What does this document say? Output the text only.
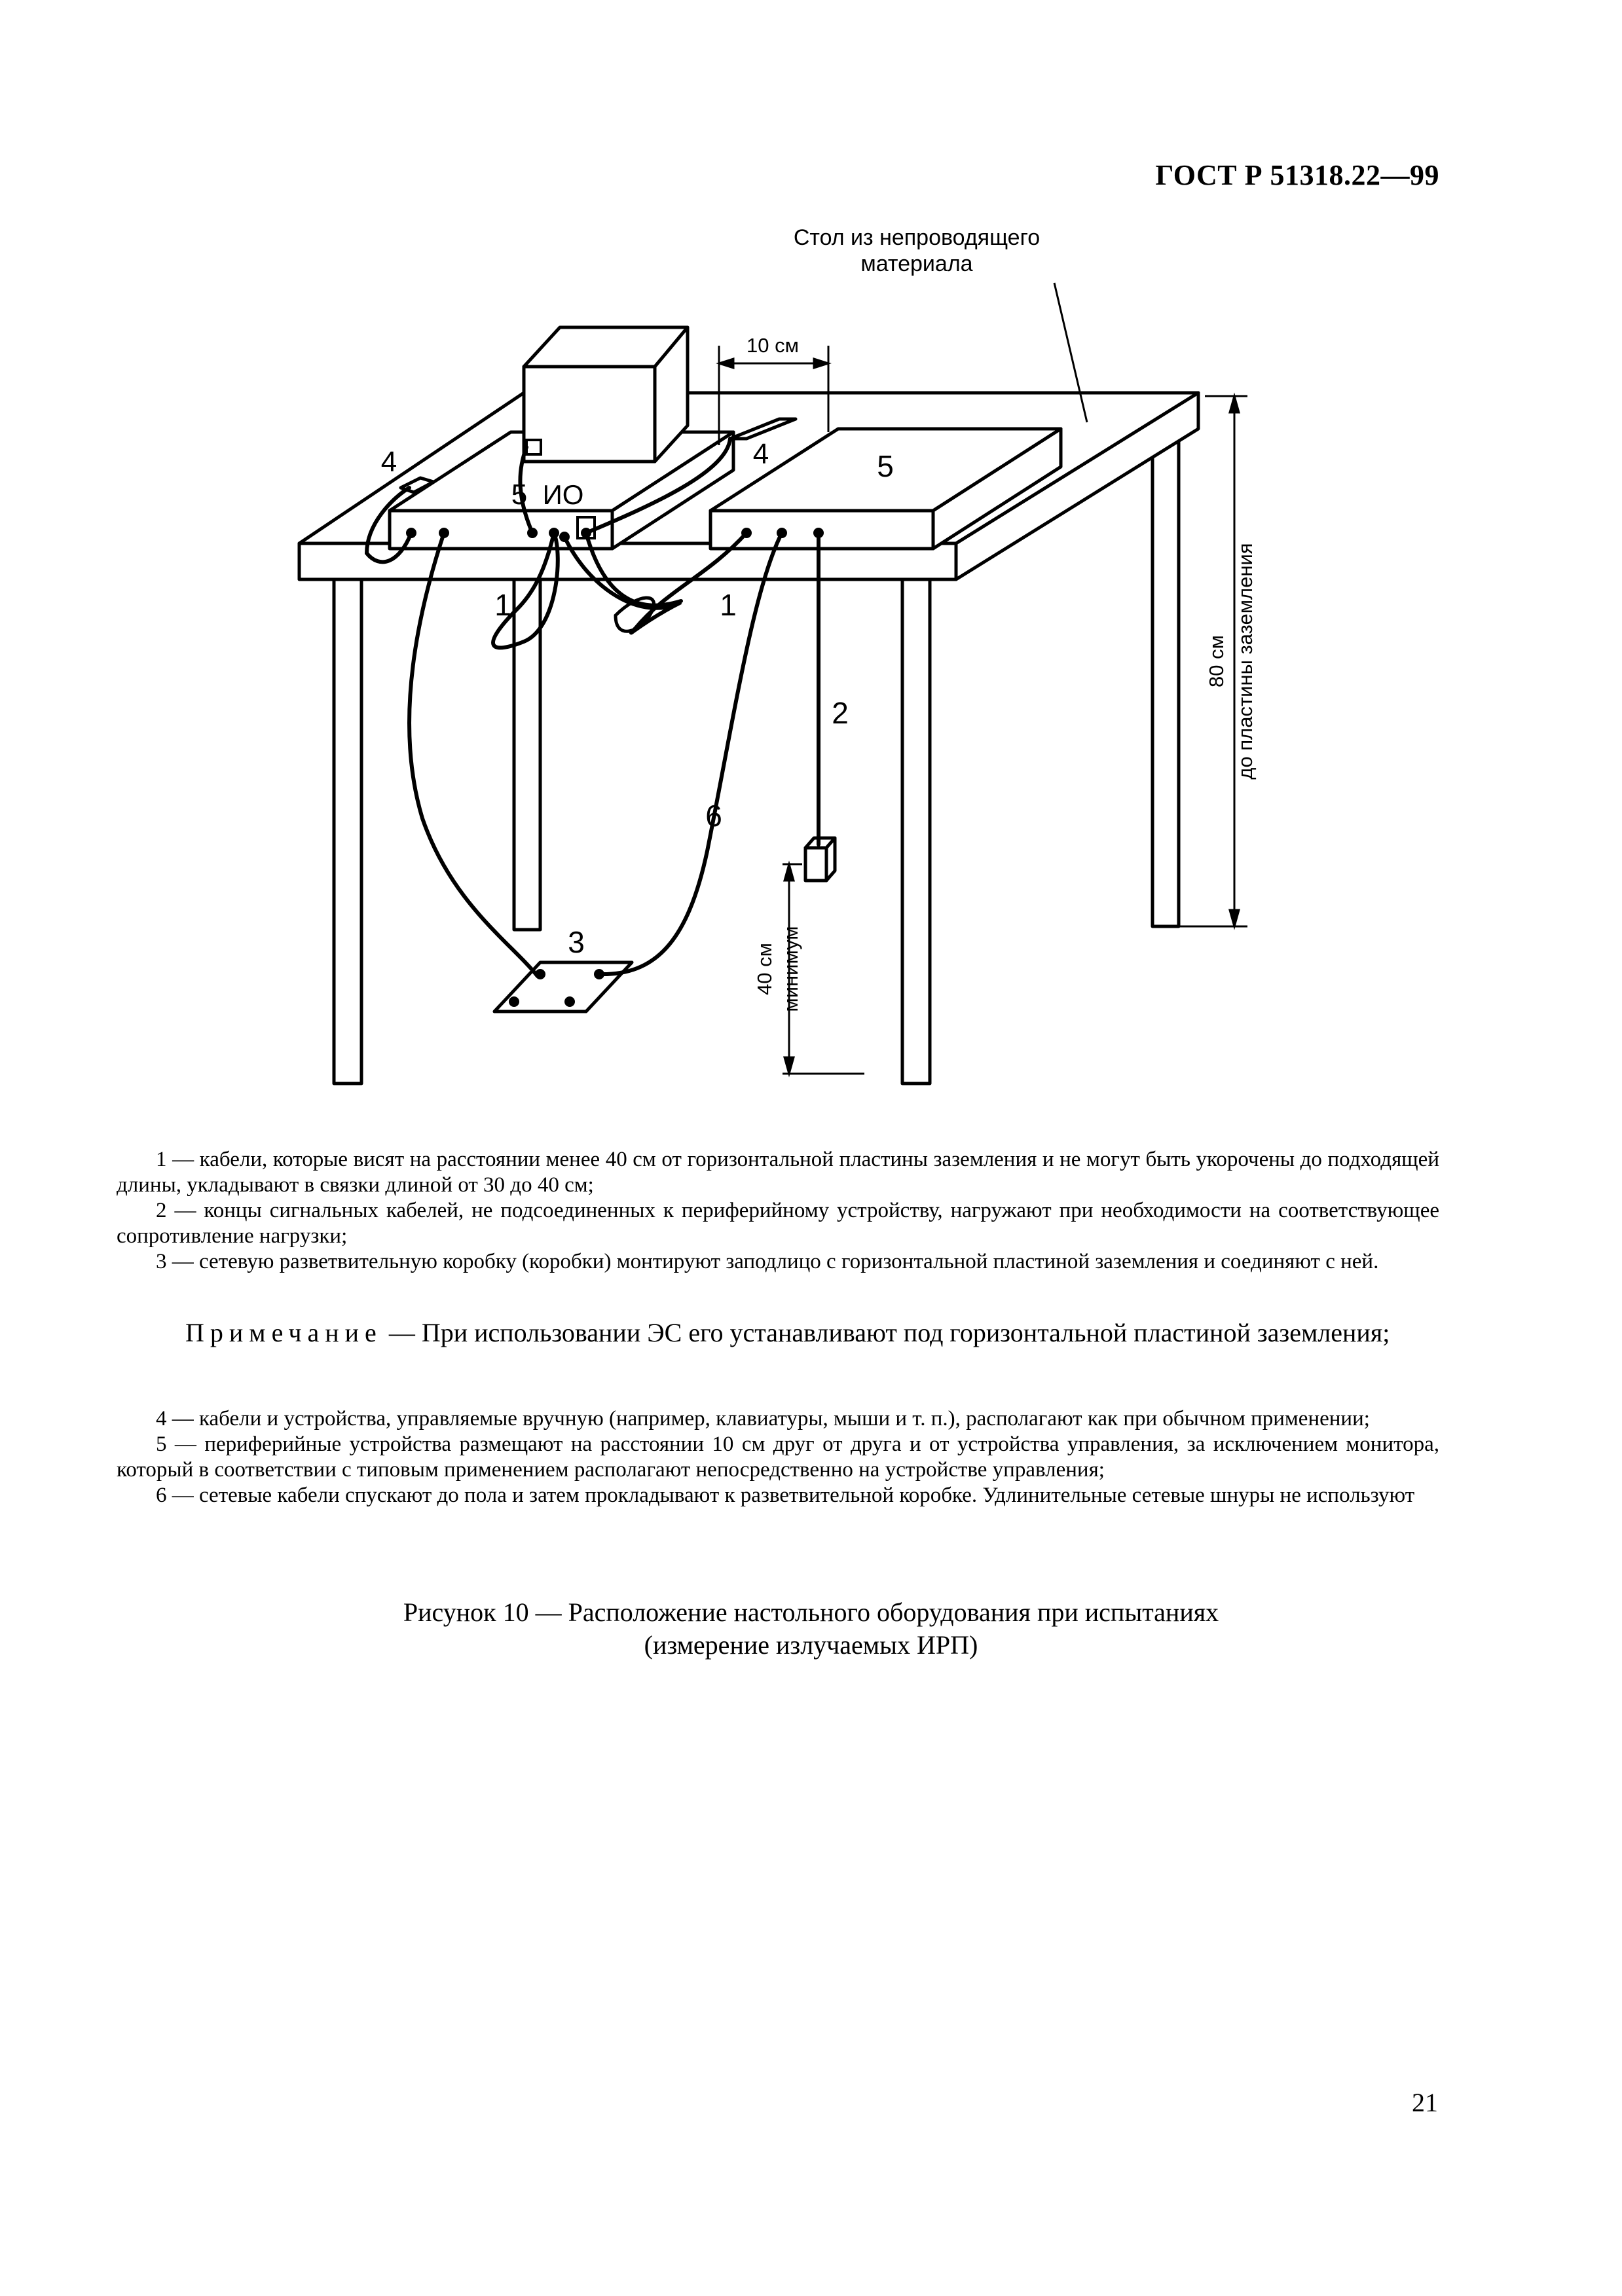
ГОСТ Р 51318.22—99
Стол из непроводящего
материала
10 см
80 см до пластины заземления
40 см минимум
ИО
4
5
4	5
1	1
2
6
3

1 — кабели, которые висят на расстоянии менее 40 см от горизонтальной пластины заземления и не могут быть укорочены до подходящей длины, укладывают в связки длиной от 30 до 40 см;

2 — концы сигнальных кабелей, не подсоединенных к периферийному устройству, нагружают при необходимости на соответствующее сопротивление нагрузки;

3 — сетевую разветвительную коробку (коробки) монтируют заподлицо с горизонтальной пластиной заземления и соединяют с ней.

Примечание — При использовании ЭС его устанавливают под горизонтальной пластиной заземления;

4 — кабели и устройства, управляемые вручную (например, клавиатуры, мыши и т. п.), располагают как при обычном применении;

5 — периферийные устройства размещают на расстоянии 10 см друг от друга и от устройства управления, за исключением монитора, который в соответствии с типовым применением располагают непосредственно на устройстве управления;

6 — сетевые кабели спускают до пола и затем прокладывают к разветвительной коробке. Удлинительные сетевые шнуры не используют

Рисунок 10 — Расположение настольного оборудования при испытаниях
(измерение излучаемых ИРП)
21
